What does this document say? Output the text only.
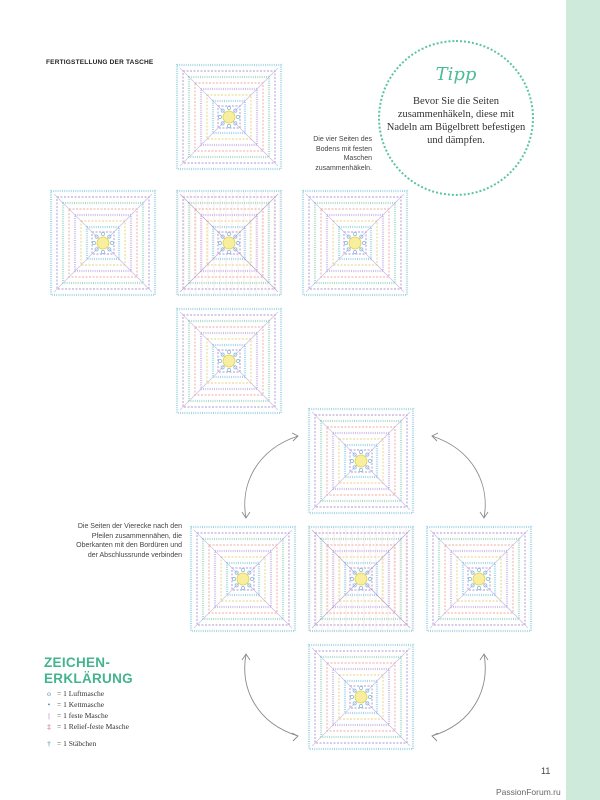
FERTIGSTELLUNG DER TASCHE
Tipp
Bevor Sie die Seiten zusammenhäkeln, diese mit Nadeln am Bügelbrett befestigen und dämpfen.
Die vier Seiten des Bodens mit festen Maschen zusammenhäkeln.
Die Seiten der Vierecke nach den Pfeilen zusammennähen, die Oberkanten mit den Bordüren und der Abschlussrunde verbinden
ZEICHEN-
ERKLÄRUNG
o = 1 Luftmasche
• = 1 Kettmasche
| = 1 feste Masche
‡ = 1 Relief-feste Masche
† = 1 Stäbchen
11
PassionForum.ru
